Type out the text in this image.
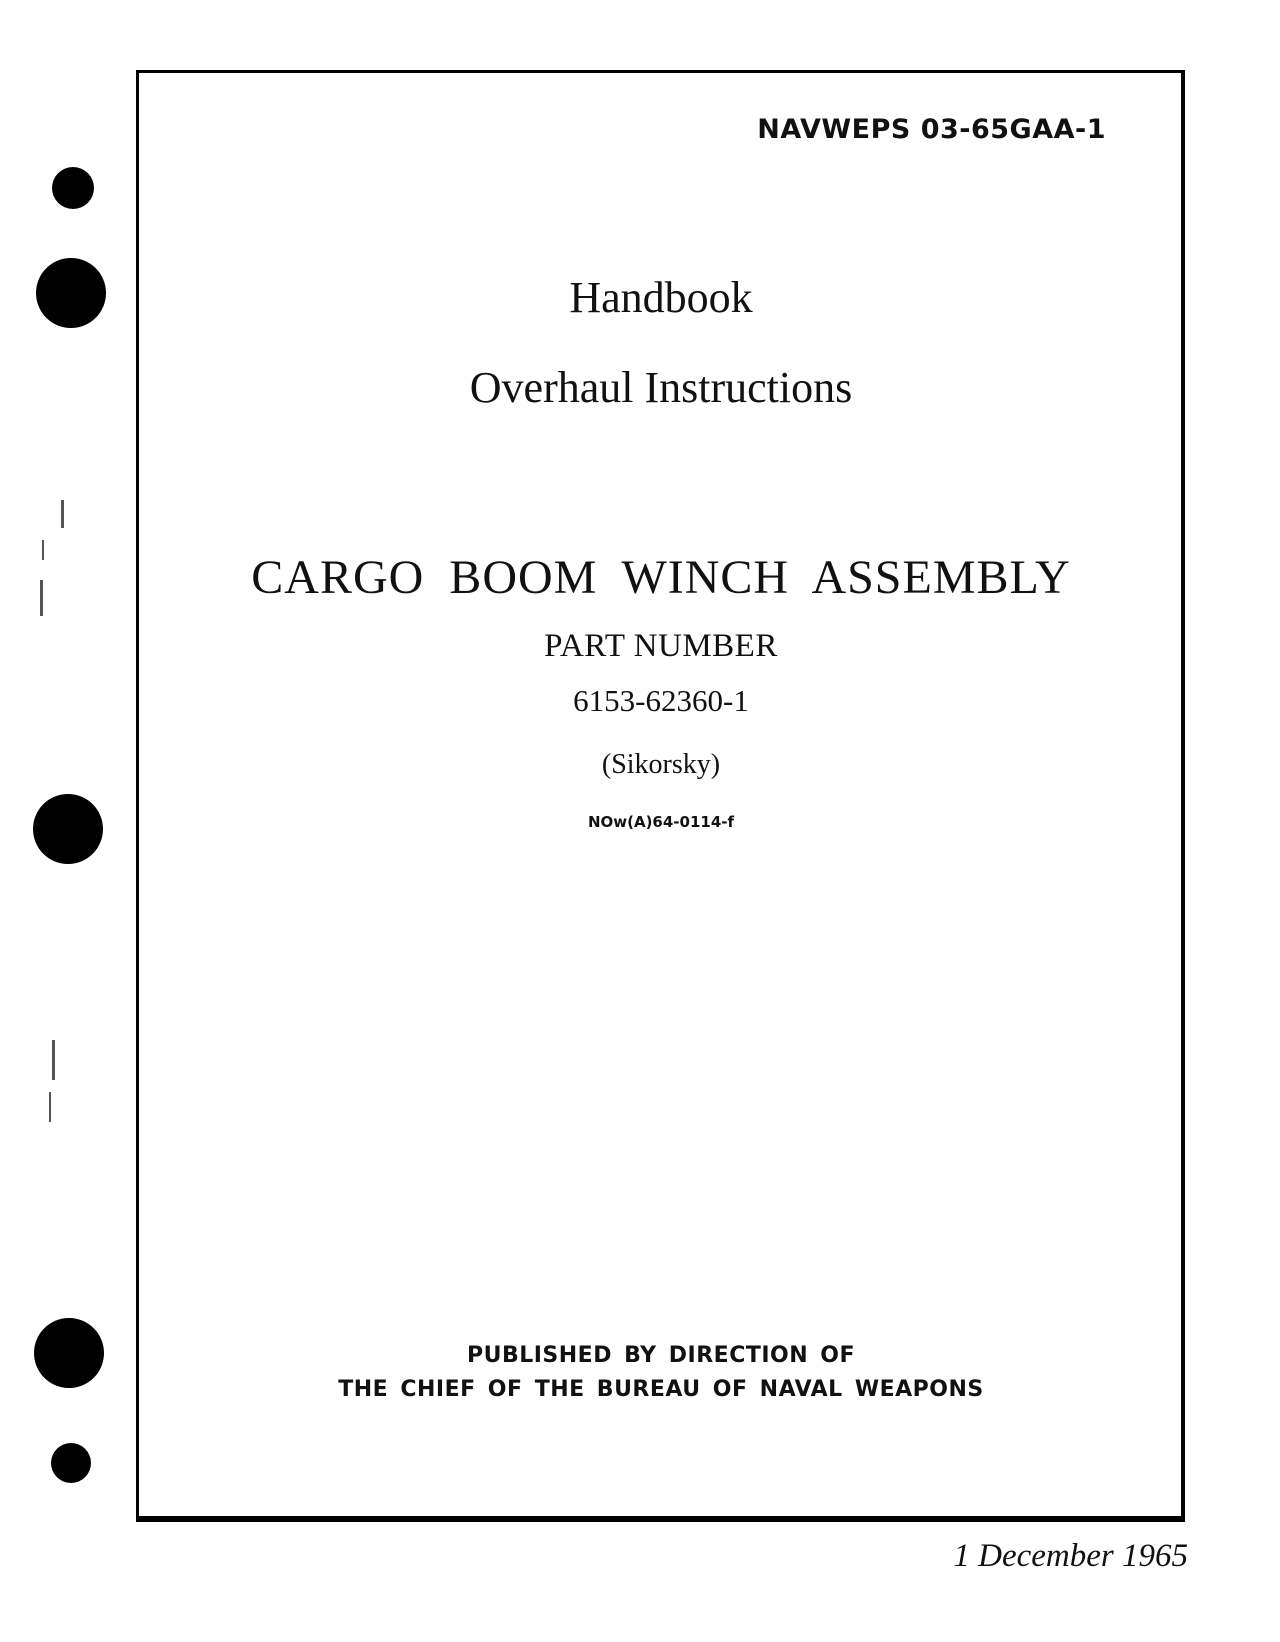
NAVWEPS 03-65GAA-1
Handbook
Overhaul Instructions
CARGO BOOM WINCH ASSEMBLY
PART NUMBER
6153-62360-1
(Sikorsky)
NOw(A)64-0114-f
PUBLISHED BY DIRECTION OF
THE CHIEF OF THE BUREAU OF NAVAL WEAPONS
1 December 1965
